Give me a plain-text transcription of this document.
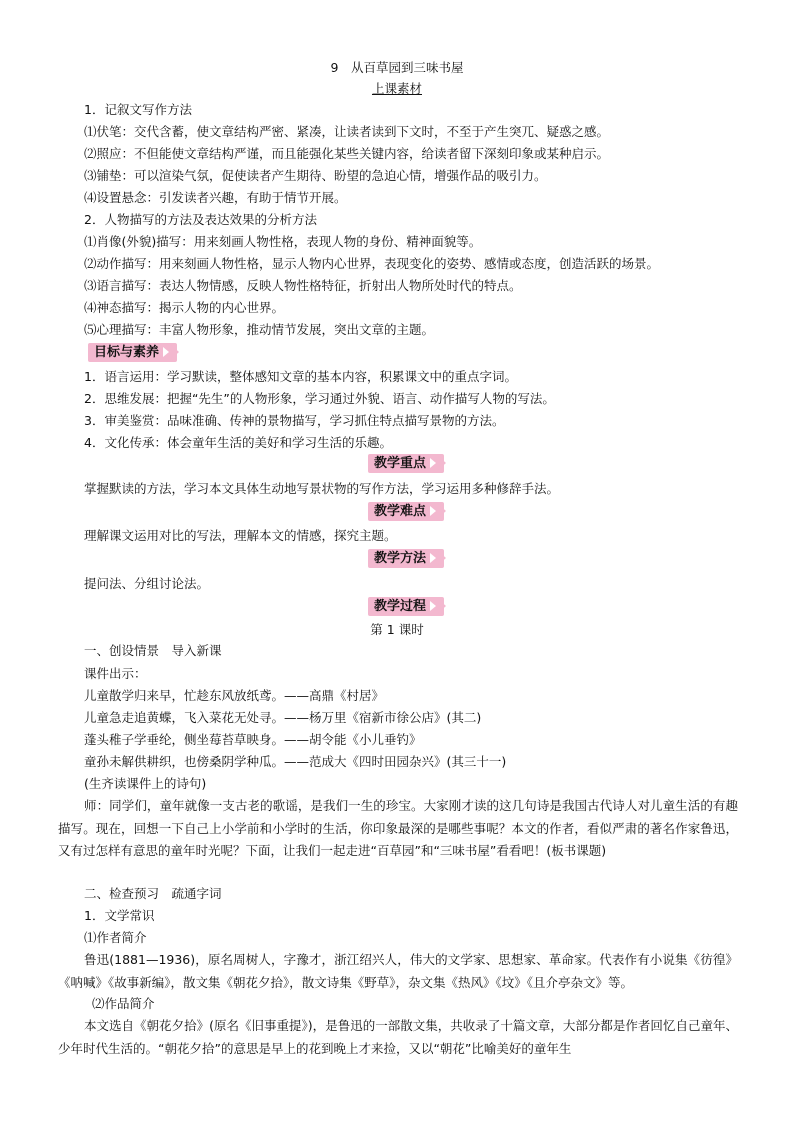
9　从百草园到三味书屋
上课素材
1．记叙文写作方法
⑴伏笔：交代含蓄，使文章结构严密、紧凑，让读者读到下文时，不至于产生突兀、疑惑之感。
⑵照应：不但能使文章结构严谨，而且能强化某些关键内容，给读者留下深刻印象或某种启示。
⑶铺垫：可以渲染气氛，促使读者产生期待、盼望的急迫心情，增强作品的吸引力。
⑷设置悬念：引发读者兴趣，有助于情节开展。
2．人物描写的方法及表达效果的分析方法
⑴肖像(外貌)描写：用来刻画人物性格，表现人物的身份、精神面貌等。
⑵动作描写：用来刻画人物性格，显示人物内心世界，表现变化的姿势、感情或态度，创造活跃的场景。
⑶语言描写：表达人物情感，反映人物性格特征，折射出人物所处时代的特点。
⑷神态描写：揭示人物的内心世界。
⑸心理描写：丰富人物形象，推动情节发展，突出文章的主题。
目标与素养
1．语言运用：学习默读，整体感知文章的基本内容，积累课文中的重点字词。
2．思维发展：把握“先生”的人物形象，学习通过外貌、语言、动作描写人物的写法。
3．审美鉴赏：品味准确、传神的景物描写，学习抓住特点描写景物的方法。
4．文化传承：体会童年生活的美好和学习生活的乐趣。
教学重点
掌握默读的方法，学习本文具体生动地写景状物的写作方法，学习运用多种修辞手法。
教学难点
理解课文运用对比的写法，理解本文的情感，探究主题。
教学方法
提问法、分组讨论法。
教学过程
第 1 课时
一、创设情景　导入新课
课件出示：
儿童散学归来早，忙趁东风放纸鸢。——高鼎《村居》
儿童急走追黄蝶，飞入菜花无处寻。——杨万里《宿新市徐公店》(其二)
蓬头稚子学垂纶，侧坐莓苔草映身。——胡令能《小儿垂钓》
童孙未解供耕织，也傍桑阴学种瓜。——范成大《四时田园杂兴》(其三十一)
(生齐读课件上的诗句)
师：同学们，童年就像一支古老的歌谣，是我们一生的珍宝。大家刚才读的这几句诗是我国古代诗人对儿童生活的有趣描写。现在，回想一下自己上小学前和小学时的生活，你印象最深的是哪些事呢？本文的作者，看似严肃的著名作家鲁迅，又有过怎样有意思的童年时光呢？下面，让我们一起走进“百草园”和“三味书屋”看看吧！(板书课题)
二、检查预习　疏通字词
1．文学常识
⑴作者简介
鲁迅(1881—1936)，原名周树人，字豫才，浙江绍兴人，伟大的文学家、思想家、革命家。代表作有小说集《彷徨》《呐喊》《故事新编》，散文集《朝花夕拾》，散文诗集《野草》，杂文集《热风》《坟》《且介亭杂文》等。
⑵作品简介
本文选自《朝花夕拾》(原名《旧事重提》)，是鲁迅的一部散文集，共收录了十篇文章，大部分都是作者回忆自己童年、少年时代生活的。“朝花夕拾”的意思是早上的花到晚上才来捡，又以“朝花”比喻美好的童年生
